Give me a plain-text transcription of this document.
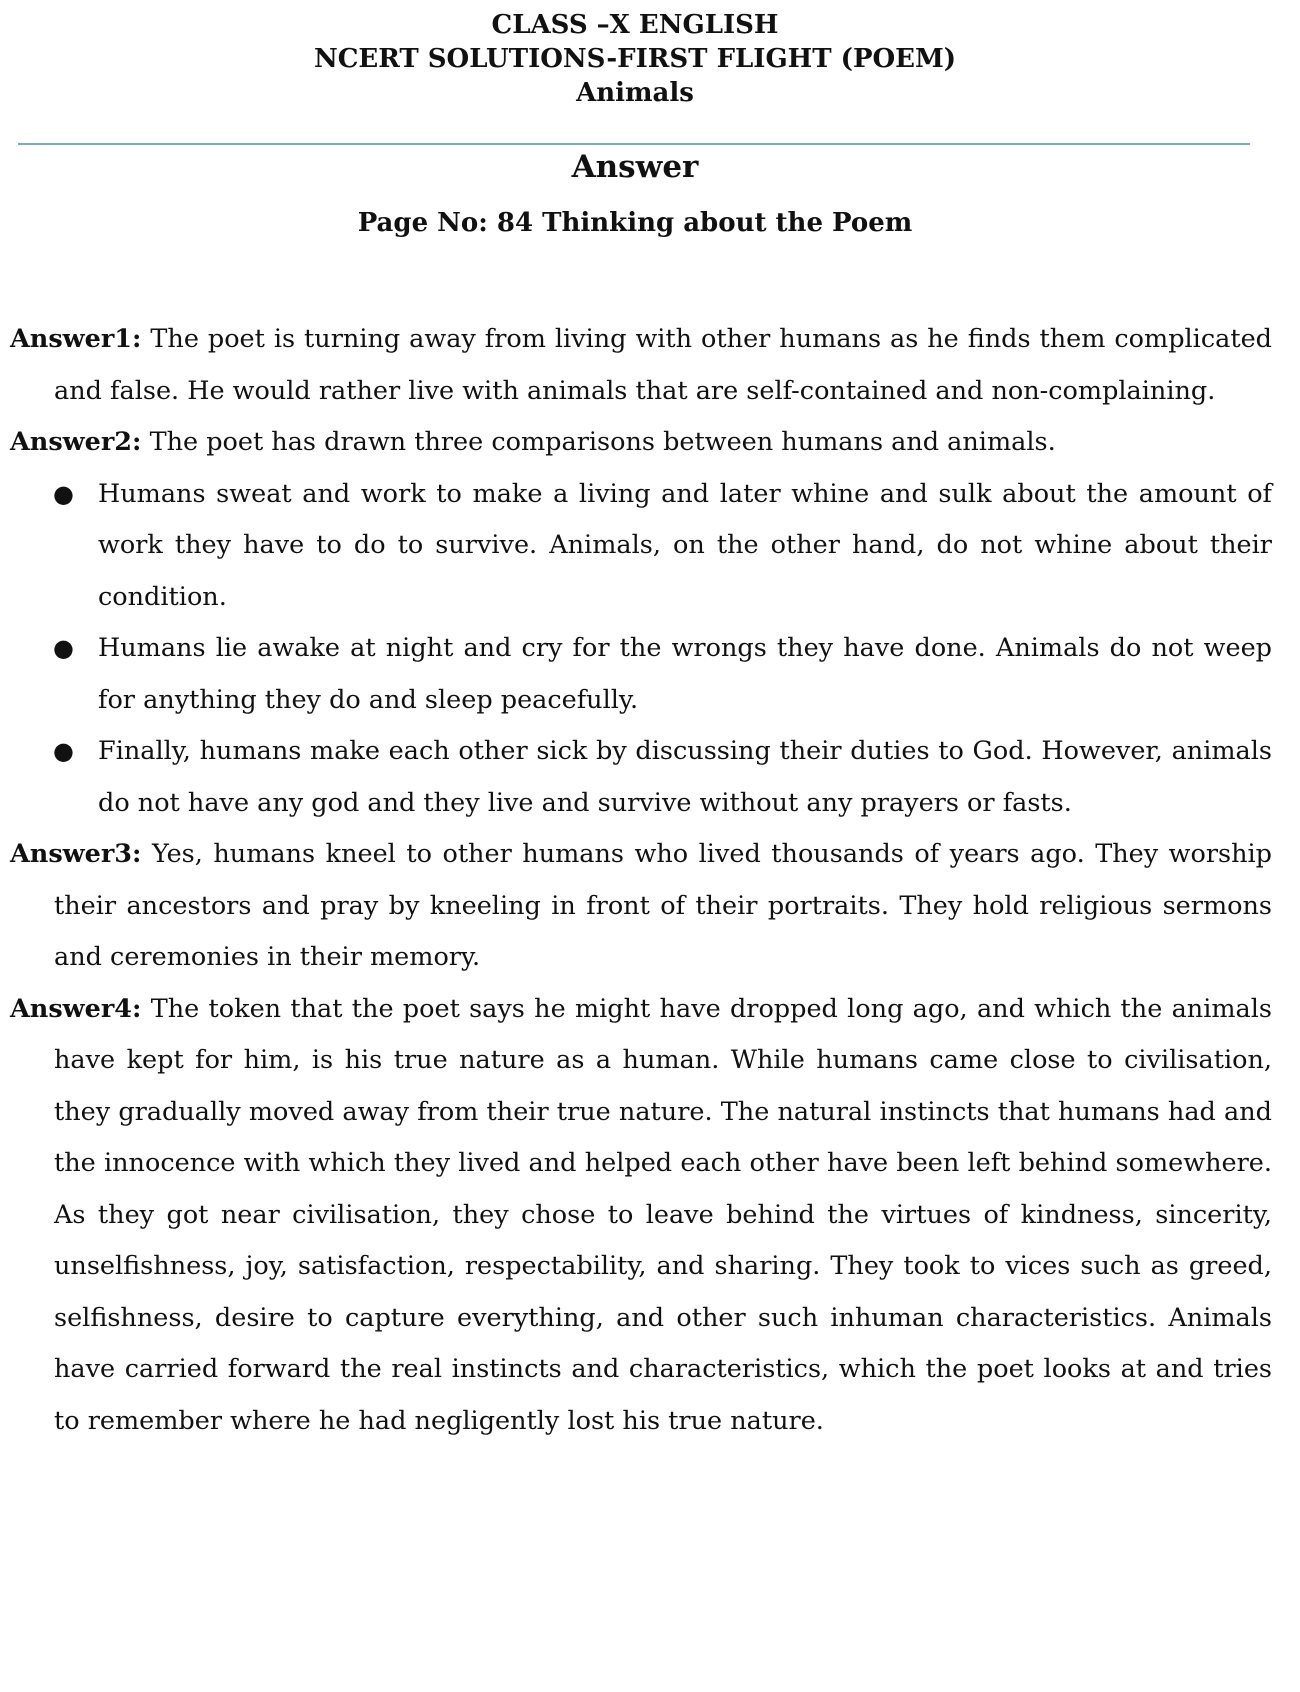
CLASS –X ENGLISH
NCERT SOLUTIONS-FIRST FLIGHT (POEM)
Animals
Answer
Page No: 84 Thinking about the Poem

Answer1: The poet is turning away from living with other humans as he finds them complicated and false. He would rather live with animals that are self-contained and non-complaining.

Answer2: The poet has drawn three comparisons between humans and animals.

● Humans sweat and work to make a living and later whine and sulk about the amount of work they have to do to survive. Animals, on the other hand, do not whine about their condition.
● Humans lie awake at night and cry for the wrongs they have done. Animals do not weep for anything they do and sleep peacefully.
● Finally, humans make each other sick by discussing their duties to God. However, animals do not have any god and they live and survive without any prayers or fasts.

Answer3: Yes, humans kneel to other humans who lived thousands of years ago. They worship their ancestors and pray by kneeling in front of their portraits. They hold religious sermons and ceremonies in their memory.

Answer4: The token that the poet says he might have dropped long ago, and which the animals have kept for him, is his true nature as a human. While humans came close to civilisation, they gradually moved away from their true nature. The natural instincts that humans had and the innocence with which they lived and helped each other have been left behind somewhere. As they got near civilisation, they chose to leave behind the virtues of kindness, sincerity, unselfishness, joy, satisfaction, respectability, and sharing. They took to vices such as greed, selfishness, desire to capture everything, and other such inhuman characteristics. Animals have carried forward the real instincts and characteristics, which the poet looks at and tries to remember where he had negligently lost his true nature.
